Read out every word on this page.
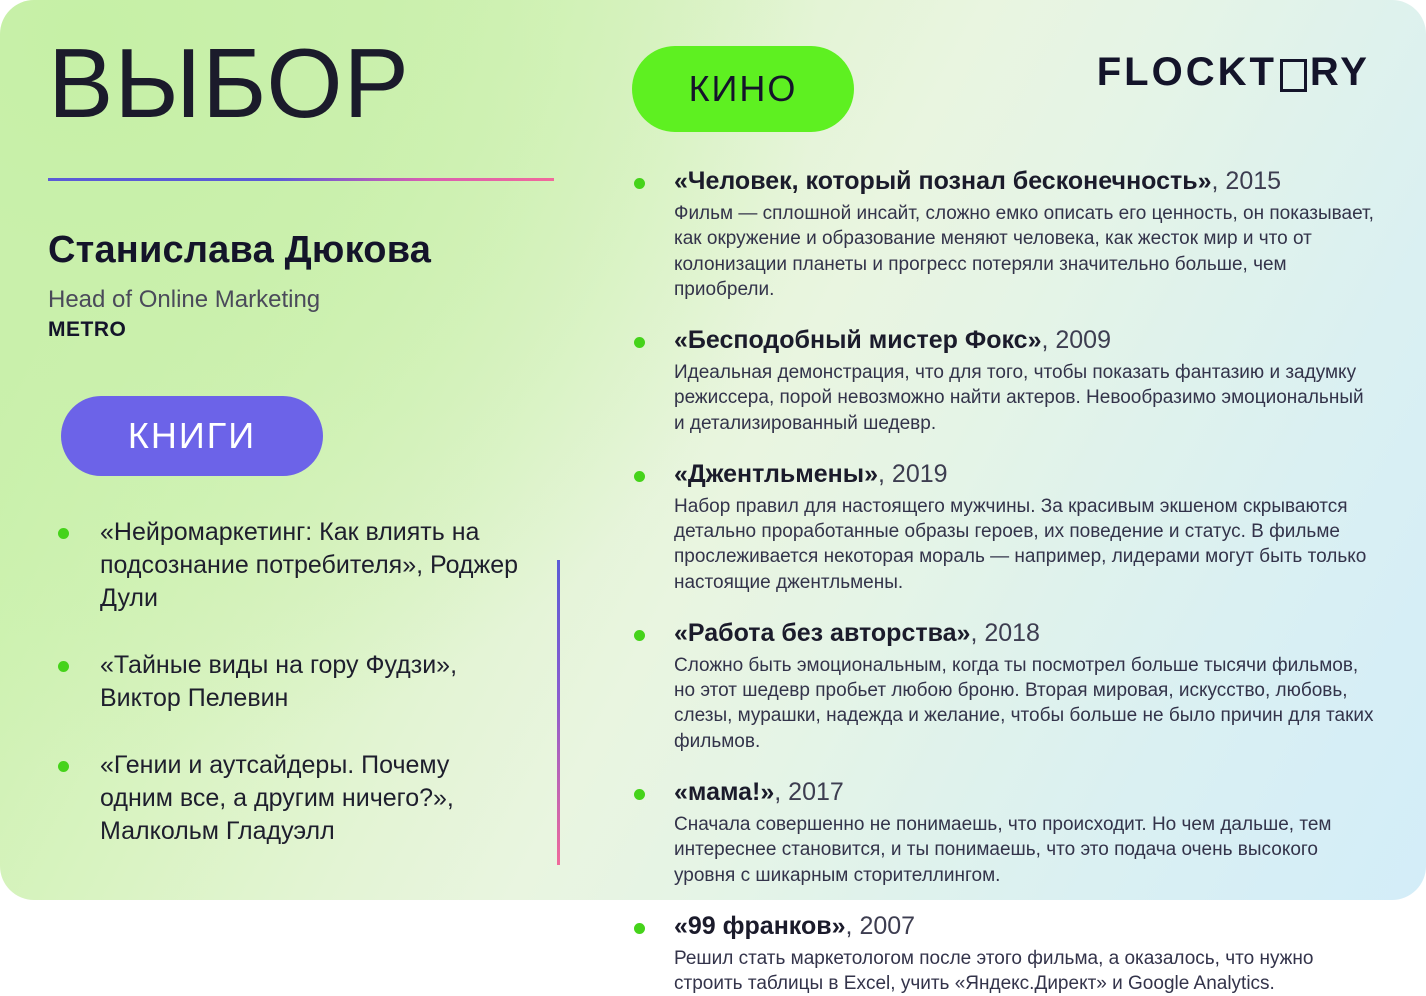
ВЫБОР
Станислава Дюкова
Head of Online Marketing
METRO
КНИГИ
«Нейромаркетинг: Как влиять на подсознание потребителя», Роджер Дули
«Тайные виды на гору Фудзи», Виктор Пелевин
«Гении и аутсайдеры. Почему одним все, а другим ничего?», Малкольм Гладуэлл
КИНО	FLOCKT RY
«Человек, который познал бесконечность», 2015
Фильм — сплошной инсайт, сложно емко описать его ценность, он показывает, как окружение и образование меняют человека, как жесток мир и что от колонизации планеты и прогресс потеряли значительно больше, чем приобрели.
«Бесподобный мистер Фокс», 2009
Идеальная демонстрация, что для того, чтобы показать фантазию и задумку режиссера, порой невозможно найти актеров. Невообразимо эмоциональный и детализированный шедевр.
«Джентльмены», 2019
Набор правил для настоящего мужчины. За красивым экшеном скрываются детально проработанные образы героев, их поведение и статус. В фильме прослеживается некоторая мораль — например, лидерами могут быть только настоящие джентльмены.
«Работа без авторства», 2018
Сложно быть эмоциональным, когда ты посмотрел больше тысячи фильмов, но этот шедевр пробьет любою броню. Вторая мировая, искусство, любовь, слезы, мурашки, надежда и желание, чтобы больше не было причин для таких фильмов.
«мама!», 2017
Сначала совершенно не понимаешь, что происходит. Но чем дальше, тем интереснее становится, и ты понимаешь, что это подача очень высокого уровня с шикарным сторителлингом.
«99 франков», 2007
Решил стать маркетологом после этого фильма, а оказалось, что нужно строить таблицы в Excel, учить «Яндекс.Директ» и Google Analytics.
